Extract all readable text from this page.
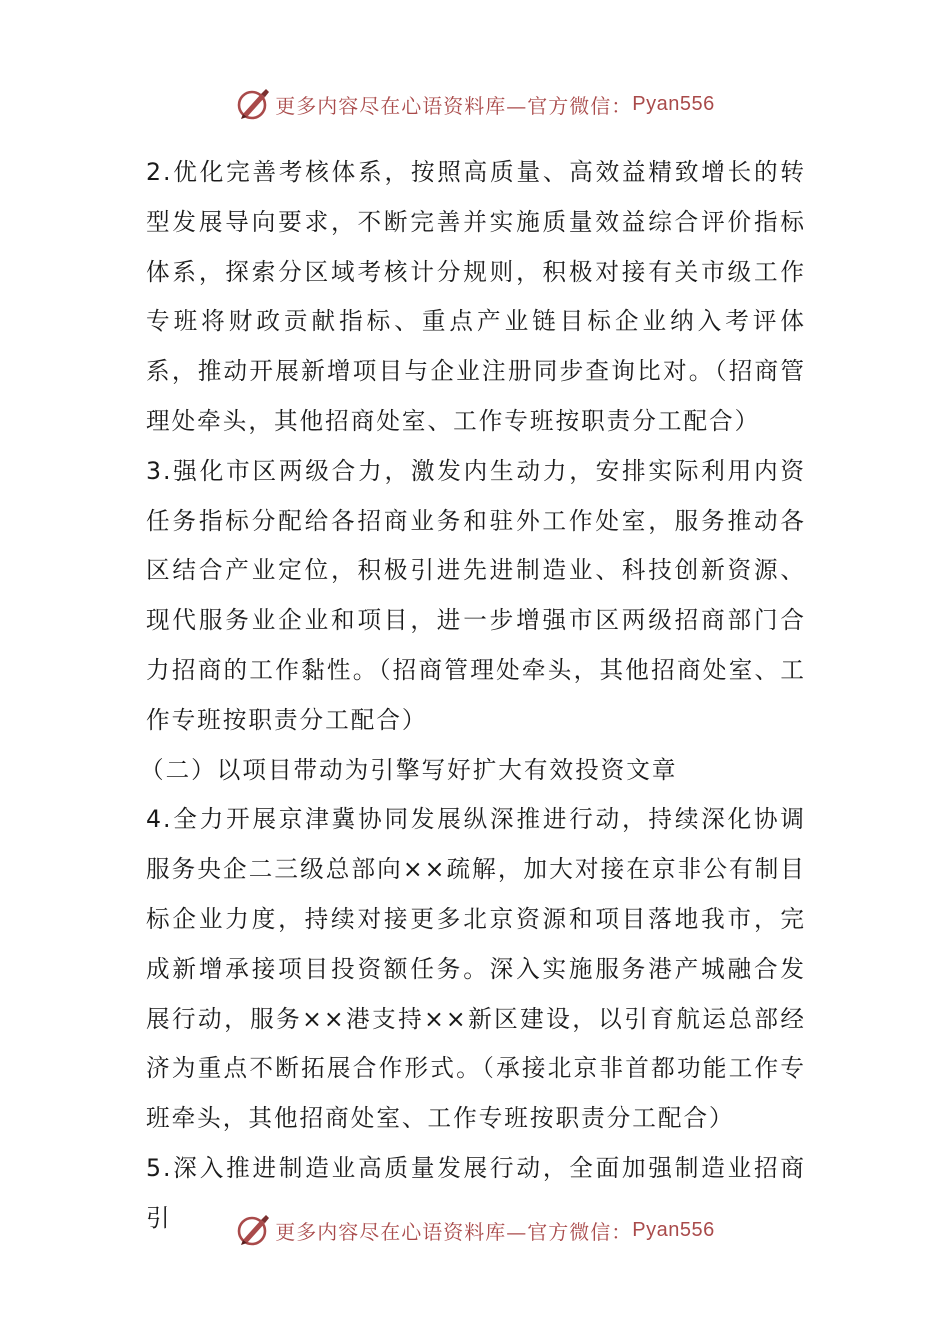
更多内容尽在心语资料库—官方微信： Pyan556

2.优化完善考核体系，按照高质量、高效益精致增长的转型发展导向要求，不断完善并实施质量效益综合评价指标体系，探索分区域考核计分规则，积极对接有关市级工作专班将财政贡献指标、重点产业链目标企业纳入考评体系，推动开展新增项目与企业注册同步查询比对。（招商管理处牵头，其他招商处室、工作专班按职责分工配合）

3.强化市区两级合力，激发内生动力，安排实际利用内资任务指标分配给各招商业务和驻外工作处室，服务推动各区结合产业定位，积极引进先进制造业、科技创新资源、现代服务业企业和项目，进一步增强市区两级招商部门合力招商的工作黏性。（招商管理处牵头，其他招商处室、工作专班按职责分工配合）

（二）以项目带动为引擎写好扩大有效投资文章

4.全力开展京津冀协同发展纵深推进行动，持续深化协调服务央企二三级总部向××疏解，加大对接在京非公有制目标企业力度，持续对接更多北京资源和项目落地我市，完成新增承接项目投资额任务。深入实施服务港产城融合发展行动，服务××港支持××新区建设，以引育航运总部经济为重点不断拓展合作形式。（承接北京非首都功能工作专班牵头，其他招商处室、工作专班按职责分工配合）

5.深入推进制造业高质量发展行动，全面加强制造业招商引	更多内容尽在心语资料库—官方微信： Pyan556
